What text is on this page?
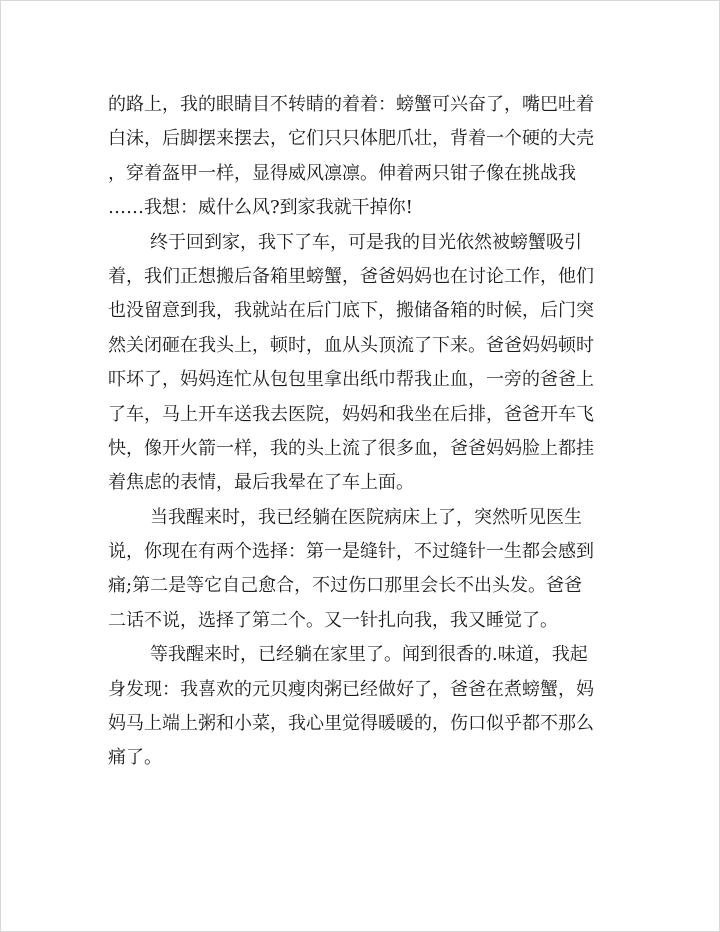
的路上，我的眼睛目不转睛的着着：螃蟹可兴奋了，嘴巴吐着
白沫，后脚摆来摆去，它们只只体肥爪壮，背着一个硬的大壳
，穿着盔甲一样，显得威风凛凛。伸着两只钳子像在挑战我
……我想：威什么风?到家我就干掉你!
终于回到家，我下了车，可是我的目光依然被螃蟹吸引
着，我们正想搬后备箱里螃蟹，爸爸妈妈也在讨论工作，他们
也没留意到我，我就站在后门底下，搬储备箱的时候，后门突
然关闭砸在我头上，顿时，血从头顶流了下来。爸爸妈妈顿时
吓坏了，妈妈连忙从包包里拿出纸巾帮我止血，一旁的爸爸上
了车，马上开车送我去医院，妈妈和我坐在后排，爸爸开车飞
快，像开火箭一样，我的头上流了很多血，爸爸妈妈脸上都挂
着焦虑的表情，最后我晕在了车上面。
当我醒来时，我已经躺在医院病床上了，突然听见医生
说，你现在有两个选择：第一是缝针，不过缝针一生都会感到
痛;第二是等它自己愈合，不过伤口那里会长不出头发。爸爸
二话不说，选择了第二个。又一针扎向我，我又睡觉了。
等我醒来时，已经躺在家里了。闻到很香的.味道，我起
身发现：我喜欢的元贝瘦肉粥已经做好了，爸爸在煮螃蟹，妈
妈马上端上粥和小菜，我心里觉得暖暖的，伤口似乎都不那么
痛了。
